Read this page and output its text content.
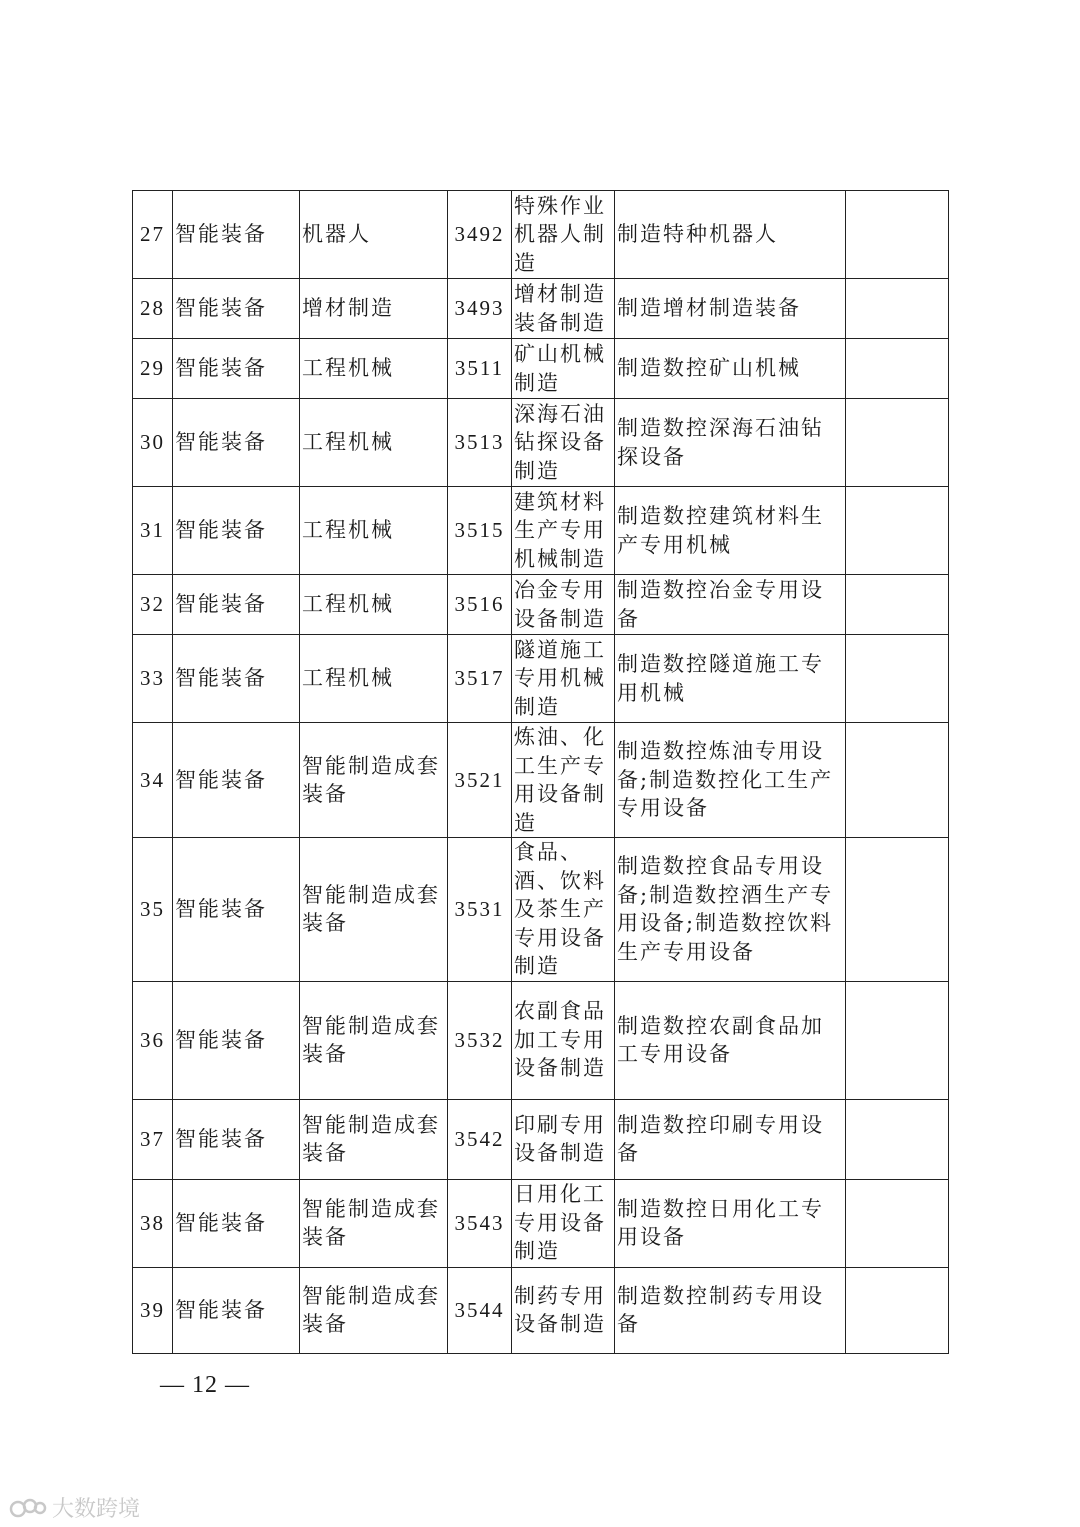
27	智能装备	机器人	3492	特殊作业机器人制造	制造特种机器人	
28	智能装备	增材制造	3493	增材制造装备制造	制造增材制造装备	
29	智能装备	工程机械	3511	矿山机械制造	制造数控矿山机械	
30	智能装备	工程机械	3513	深海石油钻探设备制造	制造数控深海石油钻探设备	
31	智能装备	工程机械	3515	建筑材料生产专用机械制造	制造数控建筑材料生产专用机械	
32	智能装备	工程机械	3516	冶金专用设备制造	制造数控冶金专用设备	
33	智能装备	工程机械	3517	隧道施工专用机械制造	制造数控隧道施工专用机械	
34	智能装备	智能制造成套装备	3521	炼油、化工生产专用设备制造	制造数控炼油专用设备;制造数控化工生产专用设备	
35	智能装备	智能制造成套装备	3531	食品、酒、饮料及茶生产专用设备制造	制造数控食品专用设备;制造数控酒生产专用设备;制造数控饮料生产专用设备	
36	智能装备	智能制造成套装备	3532	农副食品加工专用设备制造	制造数控农副食品加工专用设备	
37	智能装备	智能制造成套装备	3542	印刷专用设备制造	制造数控印刷专用设备	
38	智能装备	智能制造成套装备	3543	日用化工专用设备制造	制造数控日用化工专用设备	
39	智能装备	智能制造成套装备	3544	制药专用设备制造	制造数控制药专用设备	
— 12 —
大数跨境
